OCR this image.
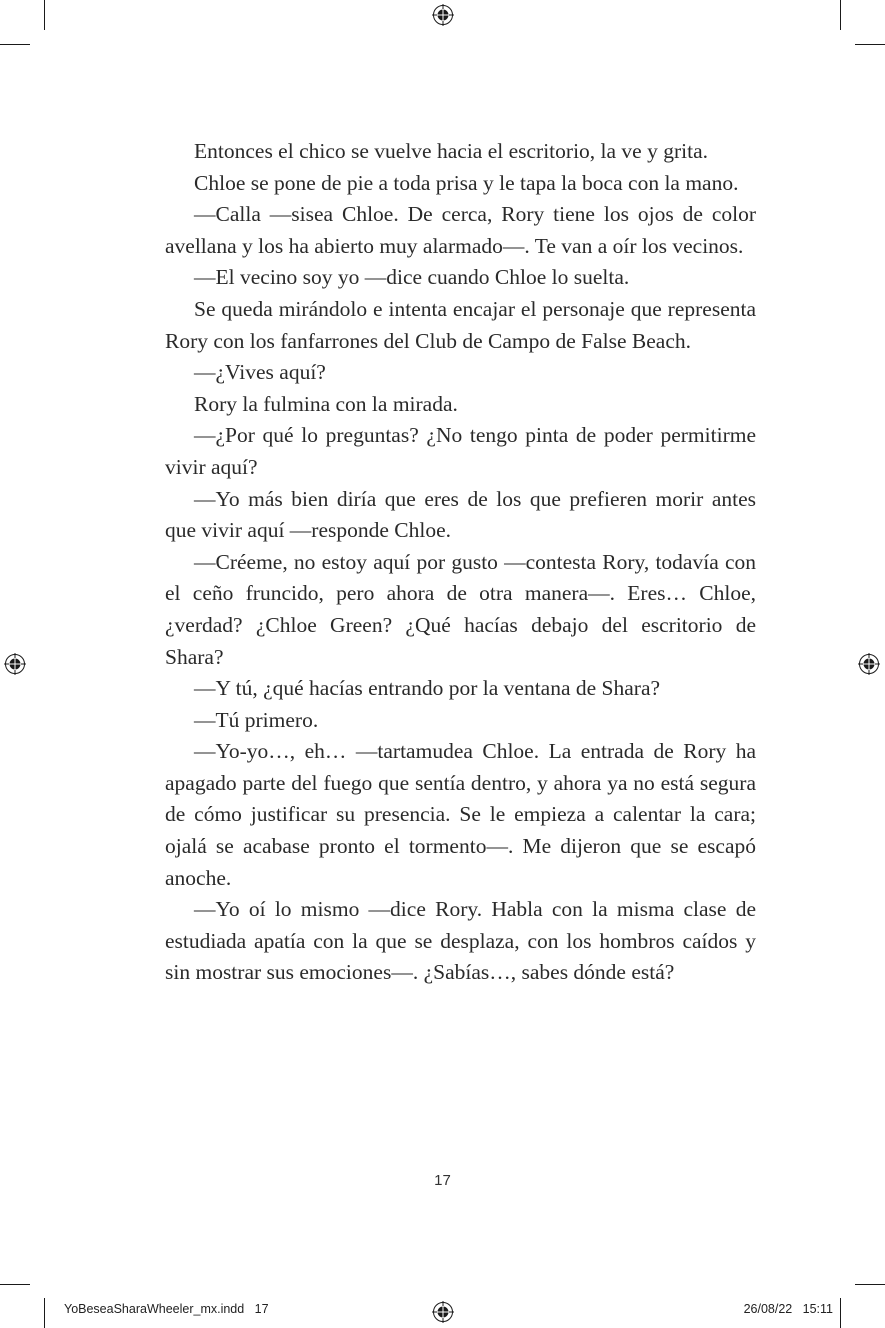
Entonces el chico se vuelve hacia el escritorio, la ve y grita.

Chloe se pone de pie a toda prisa y le tapa la boca con la mano.

—Calla —sisea Chloe. De cerca, Rory tiene los ojos de color avellana y los ha abierto muy alarmado—. Te van a oír los vecinos.

—El vecino soy yo —dice cuando Chloe lo suelta.

Se queda mirándolo e intenta encajar el personaje que representa Rory con los fanfarrones del Club de Campo de False Beach.

—¿Vives aquí?

Rory la fulmina con la mirada.

—¿Por qué lo preguntas? ¿No tengo pinta de poder permitirme vivir aquí?

—Yo más bien diría que eres de los que prefieren morir antes que vivir aquí —responde Chloe.

—Créeme, no estoy aquí por gusto —contesta Rory, todavía con el ceño fruncido, pero ahora de otra manera—. Eres… Chloe, ¿verdad? ¿Chloe Green? ¿Qué hacías debajo del escritorio de Shara?

—Y tú, ¿qué hacías entrando por la ventana de Shara?

—Tú primero.

—Yo-yo…, eh… —tartamudea Chloe. La entrada de Rory ha apagado parte del fuego que sentía dentro, y ahora ya no está segura de cómo justificar su presencia. Se le empieza a calentar la cara; ojalá se acabase pronto el tormento—. Me dijeron que se escapó anoche.

—Yo oí lo mismo —dice Rory. Habla con la misma clase de estudiada apatía con la que se desplaza, con los hombros caídos y sin mostrar sus emociones—. ¿Sabías…, sabes dónde está?

17
YoBeseaSharaWheeler_mx.indd   17	26/08/22   15:11
